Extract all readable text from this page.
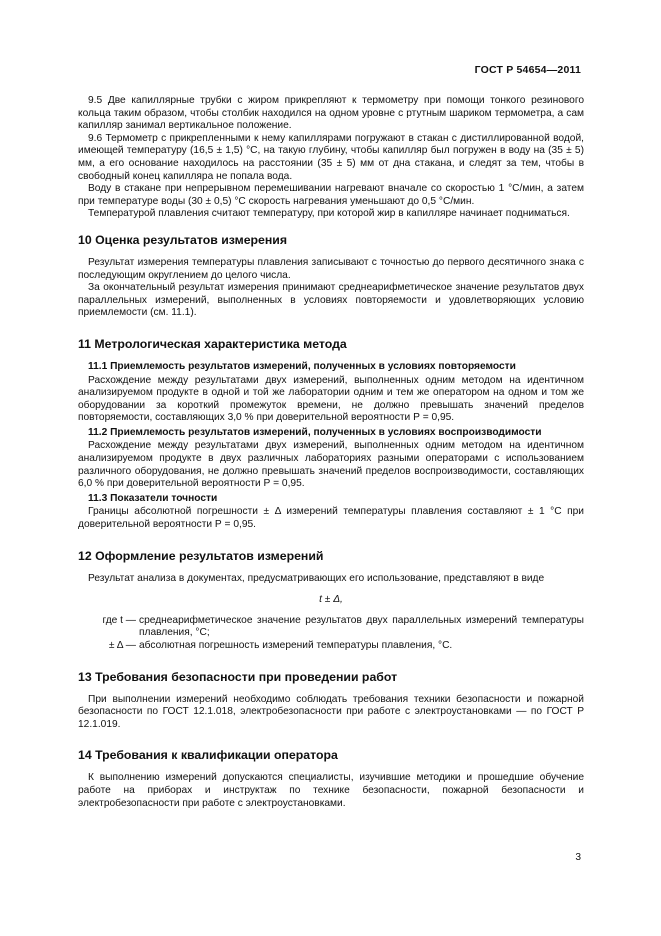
ГОСТ Р 54654—2011

9.5 Две капиллярные трубки с жиром прикрепляют к термометру при помощи тонкого резинового кольца таким образом, чтобы столбик находился на одном уровне с ртутным шариком термометра, а сам капилляр занимал вертикальное положение.

9.6 Термометр с прикрепленными к нему капиллярами погружают в стакан с дистиллированной водой, имеющей температуру (16,5 ± 1,5) °С, на такую глубину, чтобы капилляр был погружен в воду на (35 ± 5) мм, а его основание находилось на расстоянии (35 ± 5) мм от дна стакана, и следят за тем, чтобы в свободный конец капилляра не попала вода.

Воду в стакане при непрерывном перемешивании нагревают вначале со скоростью 1 °С/мин, а затем при температуре воды (30 ± 0,5) °С скорость нагревания уменьшают до 0,5 °С/мин.

Температурой плавления считают температуру, при которой жир в капилляре начинает подниматься.

10 Оценка результатов измерения

Результат измерения температуры плавления записывают с точностью до первого десятичного знака с последующим округлением до целого числа.

За окончательный результат измерения принимают среднеарифметическое значение результатов двух параллельных измерений, выполненных в условиях повторяемости и удовлетворяющих условию приемлемости (см. 11.1).

11 Метрологическая характеристика метода
11.1 Приемлемость результатов измерений, полученных в условиях повторяемости

Расхождение между результатами двух измерений, выполненных одним методом на идентичном анализируемом продукте в одной и той же лаборатории одним и тем же оператором на одном и том же оборудовании за короткий промежуток времени, не должно превышать значений пределов повторяемости, составляющих 3,0 % при доверительной вероятности Р = 0,95.

11.2 Приемлемость результатов измерений, полученных в условиях воспроизводимости

Расхождение между результатами двух измерений, выполненных одним методом на идентичном анализируемом продукте в двух различных лабораториях разными операторами с использованием различного оборудования, не должно превышать значений пределов воспроизводимости, составляющих 6,0 % при доверительной вероятности Р = 0,95.

11.3 Показатели точности

Границы абсолютной погрешности ± Δ измерений температуры плавления составляют ± 1 °С при доверительной вероятности Р = 0,95.

12 Оформление результатов измерений

Результат анализа в документах, предусматривающих его использование, представляют в виде

t ± Δ,
где t — среднеарифметическое значение результатов двух параллельных измерений температуры плавления, °С;
± Δ — абсолютная погрешность измерений температуры плавления, °С.
13 Требования безопасности при проведении работ

При выполнении измерений необходимо соблюдать требования техники безопасности и пожарной безопасности по ГОСТ 12.1.018, электробезопасности при работе с электроустановками — по ГОСТ Р 12.1.019.

14 Требования к квалификации оператора

К выполнению измерений допускаются специалисты, изучившие методики и прошедшие обучение работе на приборах и инструктаж по технике безопасности, пожарной безопасности и электробезопасности при работе с электроустановками.

3
